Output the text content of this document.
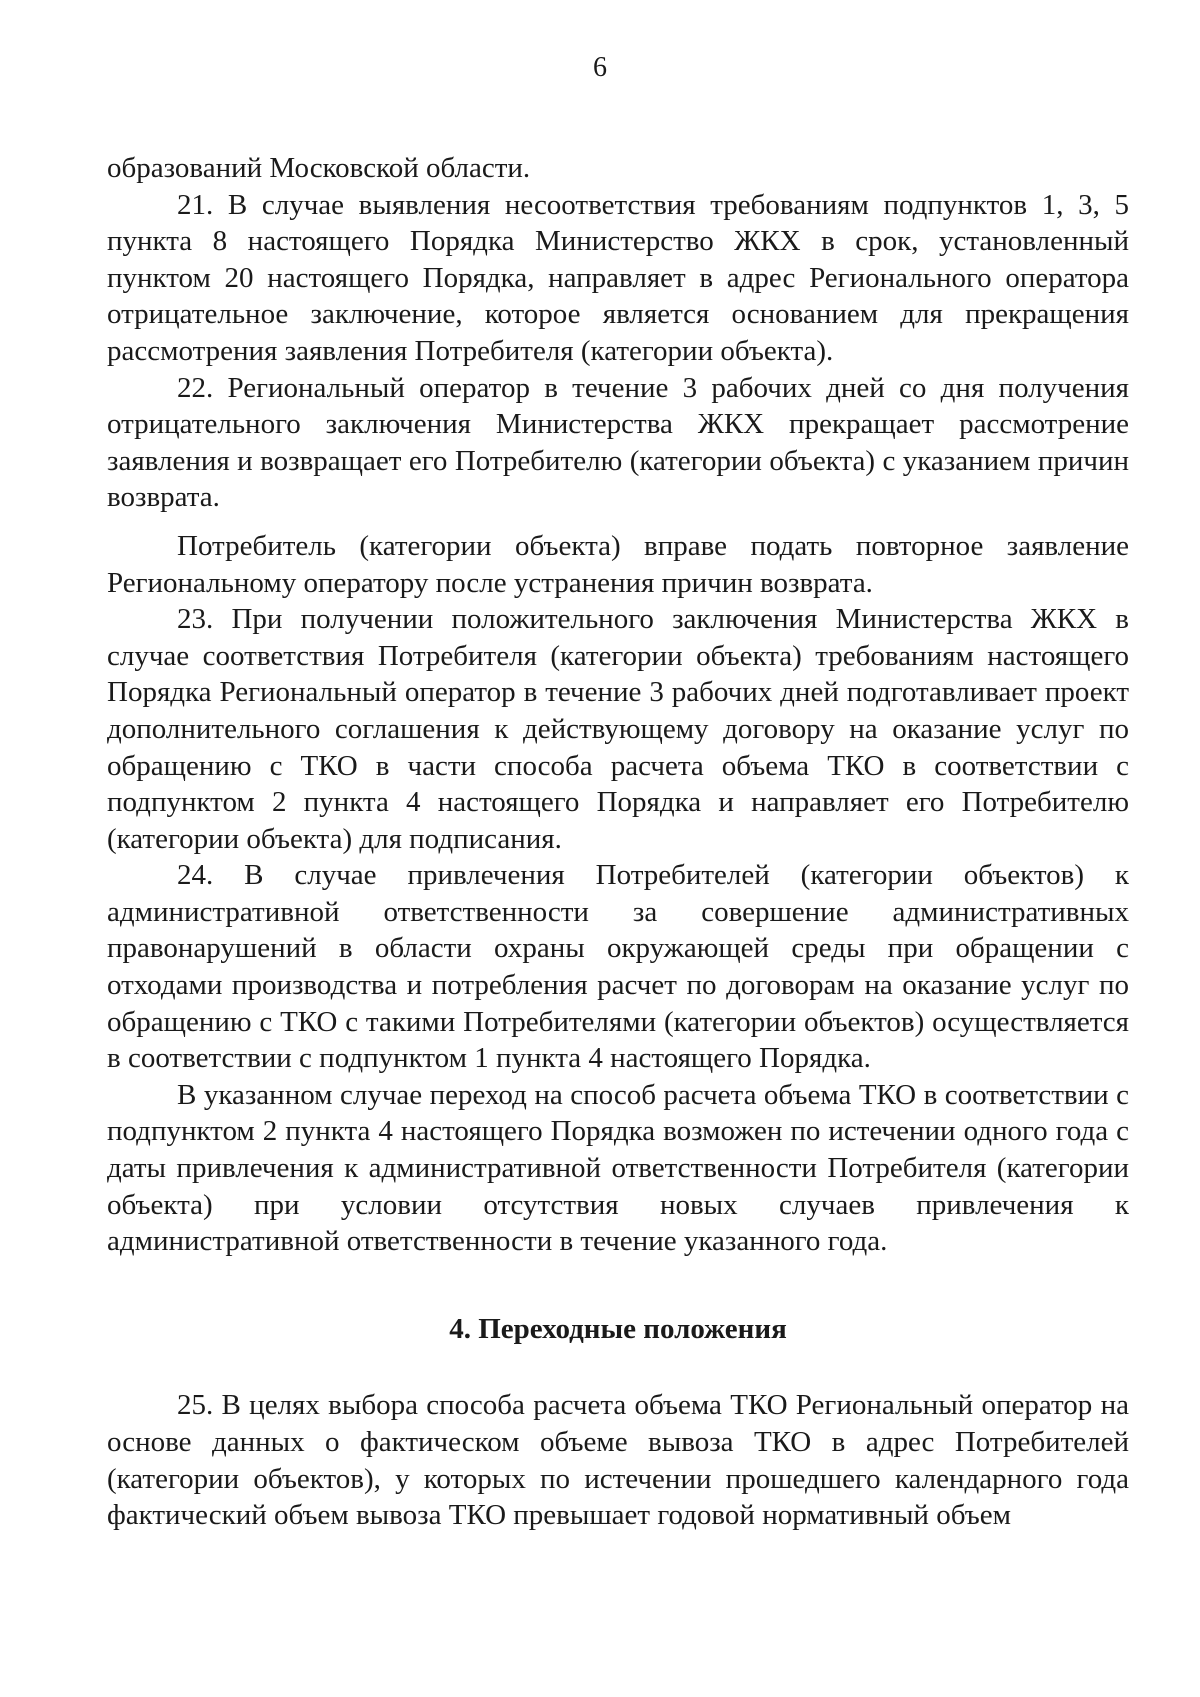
6

образований Московской области.

21. В случае выявления несоответствия требованиям подпунктов 1, 3, 5 пункта 8 настоящего Порядка Министерство ЖКХ в срок, установленный пунктом 20 настоящего Порядка, направляет в адрес Регионального оператора отрицательное заключение, которое является основанием для прекращения рассмотрения заявления Потребителя (категории объекта).

22. Региональный оператор в течение 3 рабочих дней со дня получения отрицательного заключения Министерства ЖКХ прекращает рассмотрение заявления и возвращает его Потребителю (категории объекта) с указанием причин возврата.

Потребитель (категории объекта) вправе подать повторное заявление Региональному оператору после устранения причин возврата.

23. При получении положительного заключения Министерства ЖКХ в случае соответствия Потребителя (категории объекта) требованиям настоящего Порядка Региональный оператор в течение 3 рабочих дней подготавливает проект дополнительного соглашения к действующему договору на оказание услуг по обращению с ТКО в части способа расчета объема ТКО в соответствии с подпунктом 2 пункта 4 настоящего Порядка и направляет его Потребителю (категории объекта) для подписания.

24. В случае привлечения Потребителей (категории объектов) к административной ответственности за совершение административных правонарушений в области охраны окружающей среды при обращении с отходами производства и потребления расчет по договорам на оказание услуг по обращению с ТКО с такими Потребителями (категории объектов) осуществляется в соответствии с подпунктом 1 пункта 4 настоящего Порядка.

В указанном случае переход на способ расчета объема ТКО в соответствии с подпунктом 2 пункта 4 настоящего Порядка возможен по истечении одного года с даты привлечения к административной ответственности Потребителя (категории объекта) при условии отсутствия новых случаев привлечения к административной ответственности в течение указанного года.

4. Переходные положения

25. В целях выбора способа расчета объема ТКО Региональный оператор на основе данных о фактическом объеме вывоза ТКО в адрес Потребителей (категории объектов), у которых по истечении прошедшего календарного года фактический объем вывоза ТКО превышает годовой нормативный объем
